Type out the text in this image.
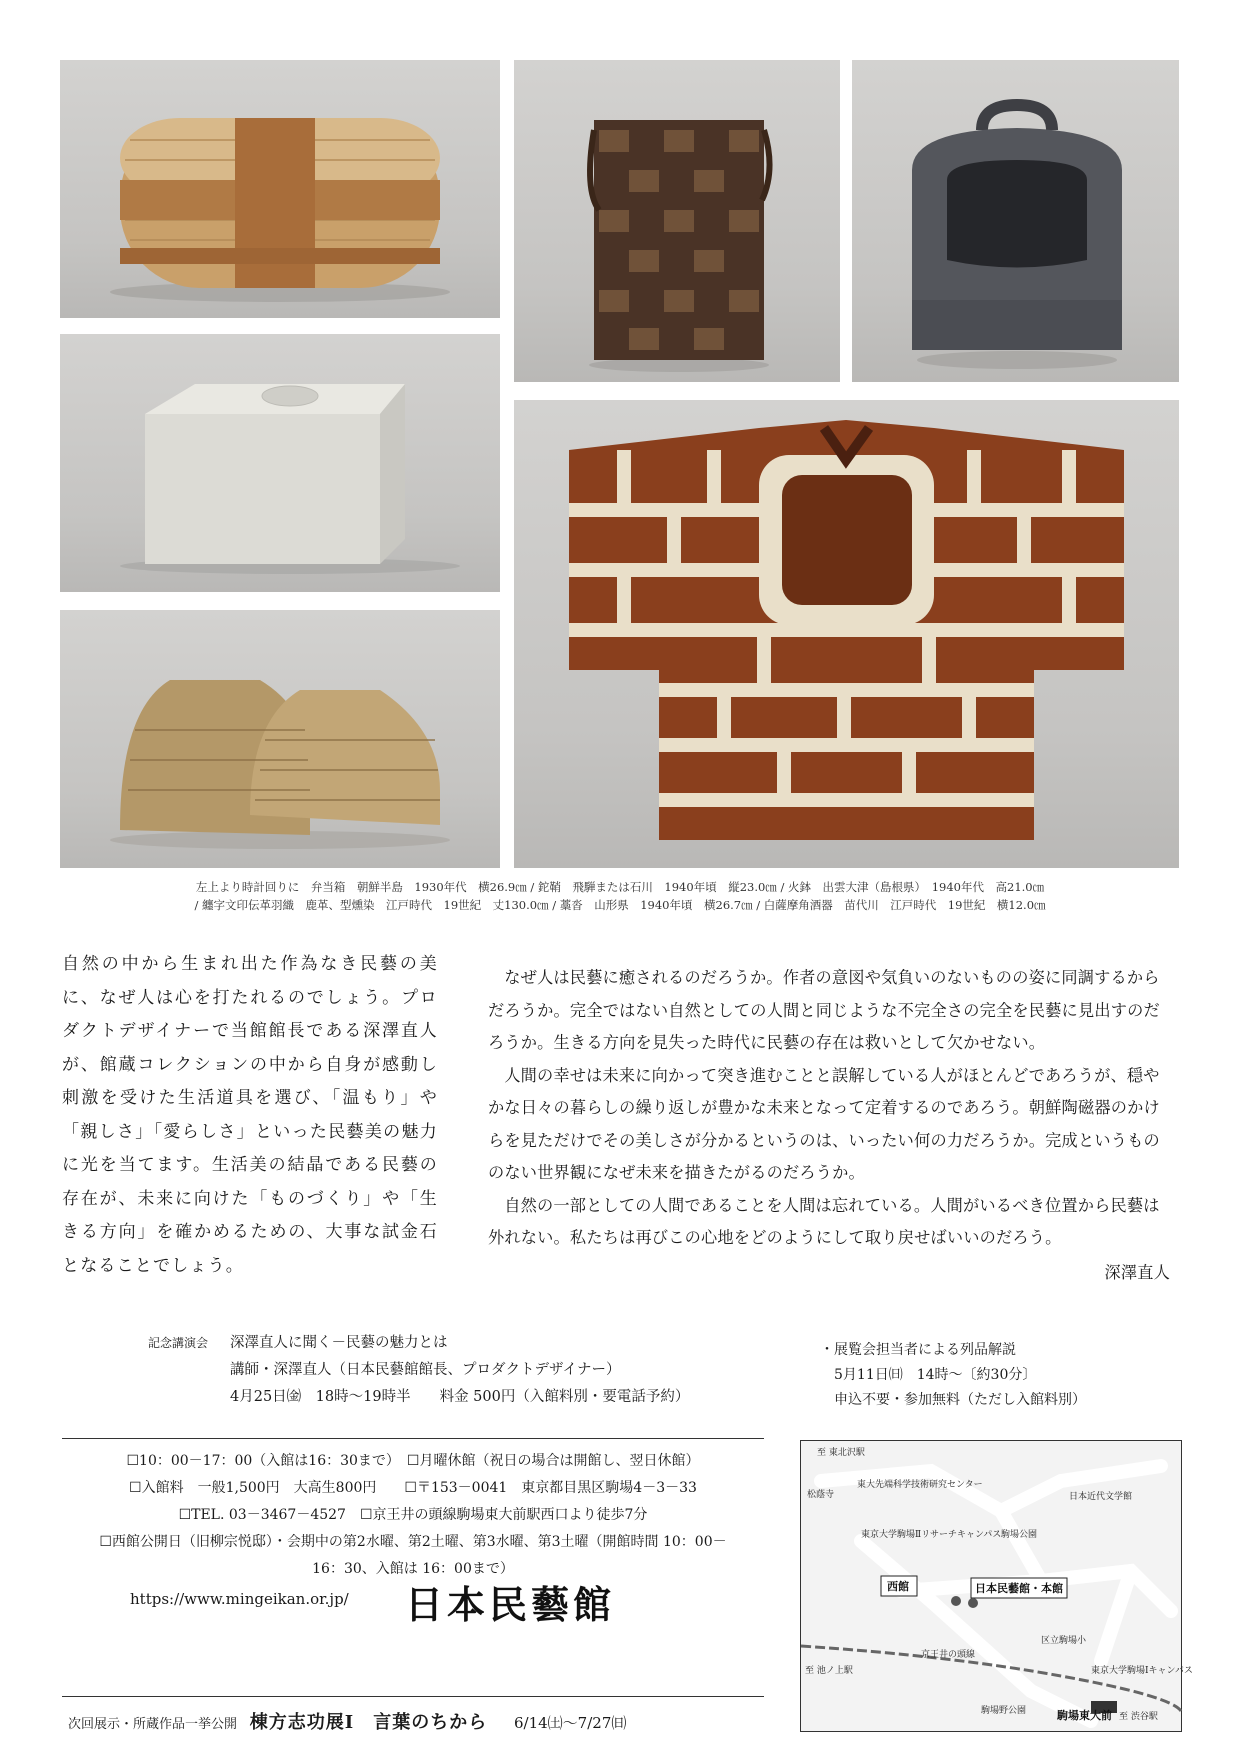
左上より時計回りに　弁当箱　朝鮮半島　1930年代　横26.9㎝ / 鉈鞘　飛騨または石川　1940年頃　縦23.0㎝ / 火鉢　出雲大津（島根県）　1940年代　高21.0㎝
/ 纏字文印伝革羽織　鹿革、型燻染　江戸時代　19世紀　丈130.0㎝ / 藁沓　山形県　1940年頃　横26.7㎝ / 白薩摩角酒器　苗代川　江戸時代　19世紀　横12.0㎝
自然の中から生まれ出た作為なき民藝の美に、なぜ人は心を打たれるのでしょう。プロダクトデザイナーで当館館長である深澤直人が、館蔵コレクションの中から自身が感動し刺激を受けた生活道具を選び、「温もり」や「親しさ」「愛らしさ」といった民藝美の魅力に光を当てます。生活美の結晶である民藝の存在が、未来に向けた「ものづくり」や「生きる方向」を確かめるための、大事な試金石となることでしょう。

なぜ人は民藝に癒されるのだろうか。作者の意図や気負いのないものの姿に同調するからだろうか。完全ではない自然としての人間と同じような不完全さの完全を民藝に見出すのだろうか。生きる方向を見失った時代に民藝の存在は救いとして欠かせない。

人間の幸せは未来に向かって突き進むことと誤解している人がほとんどであろうが、穏やかな日々の暮らしの繰り返しが豊かな未来となって定着するのであろう。朝鮮陶磁器のかけらを見ただけでその美しさが分かるというのは、いったい何の力だろうか。完成というもののない世界観になぜ未来を描きたがるのだろうか。

自然の一部としての人間であることを人間は忘れている。人間がいるべき位置から民藝は外れない。私たちは再びこの心地をどのようにして取り戻せばいいのだろう。

深澤直人
記念講演会 深澤直人に聞く－民藝の魅力とは
講師・深澤直人（日本民藝館館長、プロダクトデザイナー）
4月25日㈮　18時～19時半　　料金 500円（入館料別・要電話予約）
・展覧会担当者による列品解説
5月11日㈰　14時～〔約30分〕
申込不要・参加無料（ただし入館料別）
☐10：00－17：00（入館は16：30まで）　☐月曜休館（祝日の場合は開館し、翌日休館）
☐入館料　一般1,500円　大高生800円　　☐〒153－0041　東京都目黒区駒場4－3－33
☐TEL. 03－3467－4527　☐京王井の頭線駒場東大前駅西口より徒歩7分
☐西館公開日（旧柳宗悦邸）・会期中の第2水曜、第2土曜、第3水曜、第3土曜（開館時間 10：00－
16：30、入館は 16：00まで）
https://www.mingeikan.or.jp/ 日本民藝館
次回展示・所蔵作品一挙公開 棟方志功展Ⅰ　言葉のちから 6/14㈯～7/27㈰
至 東北沢駅
松蔭寺
東大先端科学技術研究センター
日本近代文学館
東京大学駒場Ⅱリサーチキャンパス 駒場公園
京王井の頭線
区立駒場小
東京大学駒場Ⅰキャンパス
至 池ノ上駅
至 渋谷駅
駒場野公園
西館	日本民藝館・本館
駒場東大前
